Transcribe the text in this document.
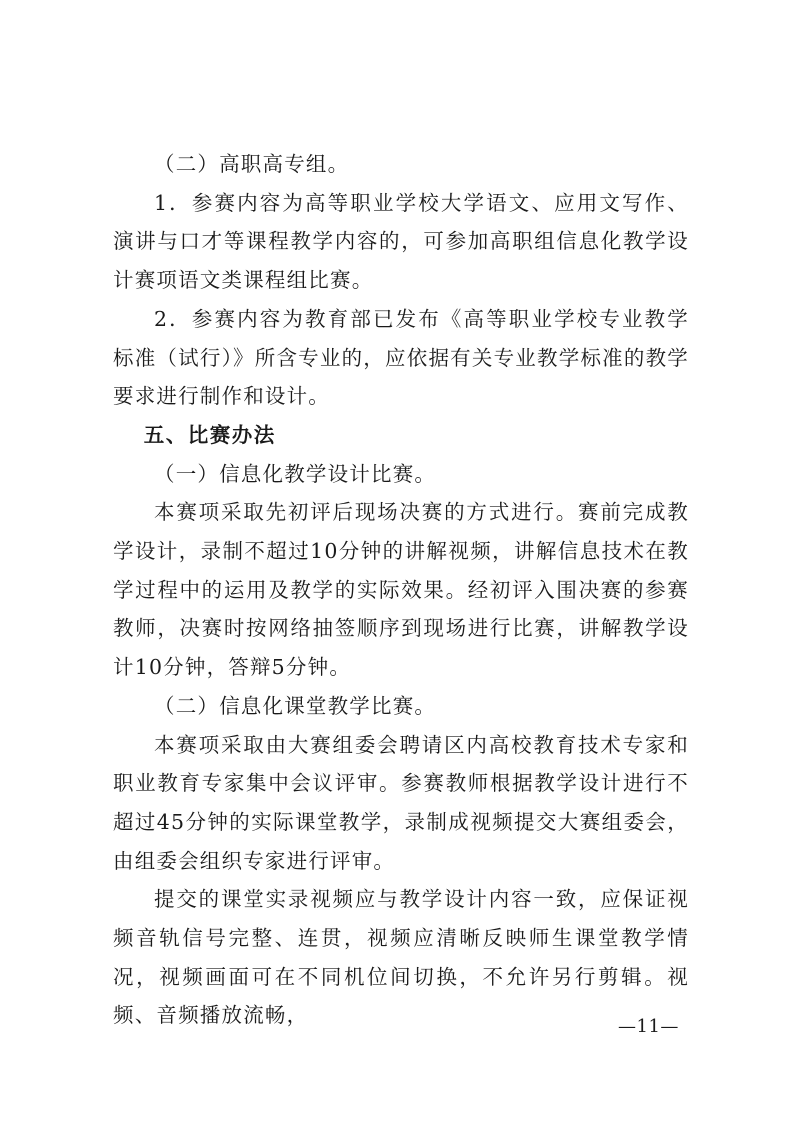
（二）高职高专组。

1．参赛内容为高等职业学校大学语文、应用文写作、演讲与口才等课程教学内容的，可参加高职组信息化教学设计赛项语文类课程组比赛。

2．参赛内容为教育部已发布《高等职业学校专业教学标准（试行）》所含专业的，应依据有关专业教学标准的教学要求进行制作和设计。

五、比赛办法

（一）信息化教学设计比赛。

本赛项采取先初评后现场决赛的方式进行。赛前完成教学设计，录制不超过10分钟的讲解视频，讲解信息技术在教学过程中的运用及教学的实际效果。经初评入围决赛的参赛教师，决赛时按网络抽签顺序到现场进行比赛，讲解教学设计10分钟，答辩5分钟。

（二）信息化课堂教学比赛。

本赛项采取由大赛组委会聘请区内高校教育技术专家和职业教育专家集中会议评审。参赛教师根据教学设计进行不超过45分钟的实际课堂教学，录制成视频提交大赛组委会，由组委会组织专家进行评审。

提交的课堂实录视频应与教学设计内容一致，应保证视频音轨信号完整、连贯，视频应清晰反映师生课堂教学情况，视频画面可在不同机位间切换，不允许另行剪辑。视频、音频播放流畅，	—11—
